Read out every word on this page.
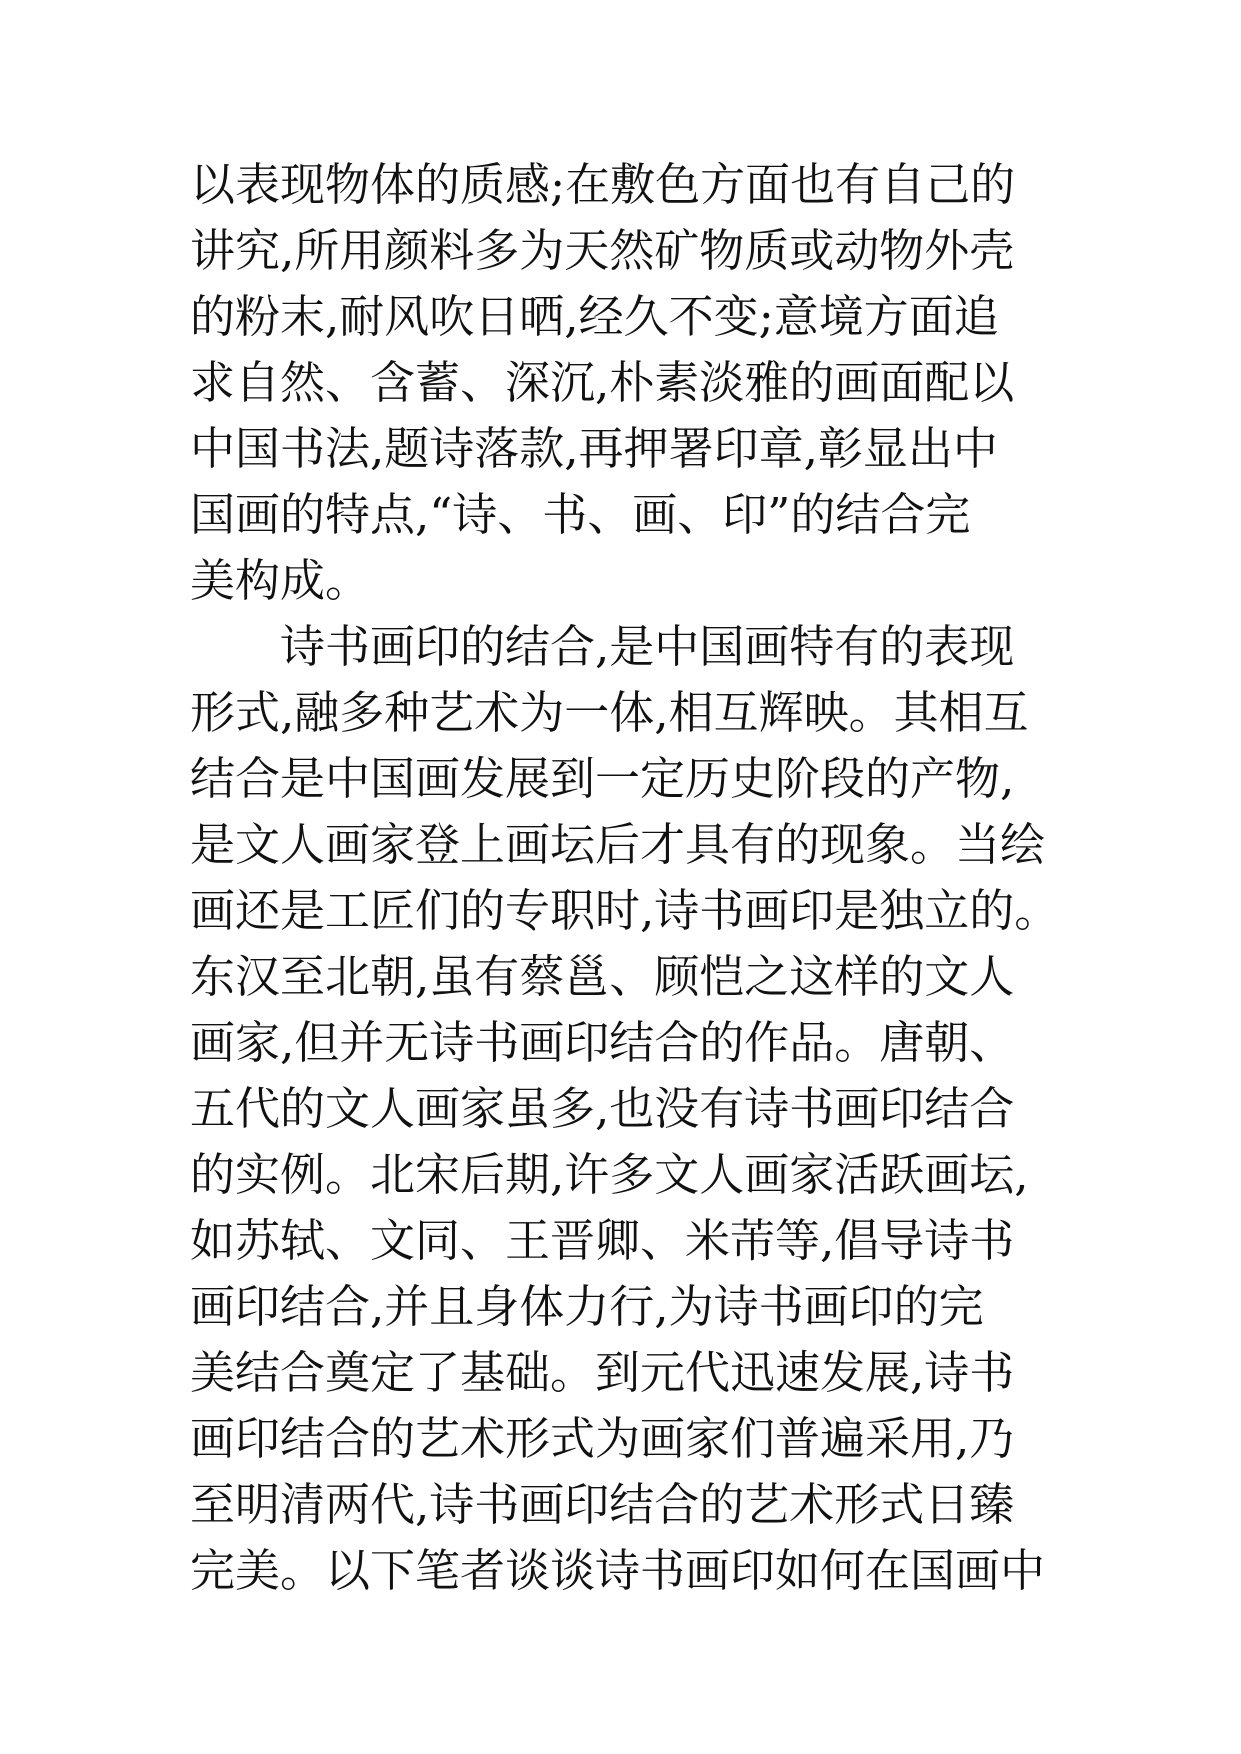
以表现物体的质感;在敷色方面也有自己的
讲究,所用颜料多为天然矿物质或动物外壳
的粉末,耐风吹日晒,经久不变;意境方面追
求自然、含蓄、深沉,朴素淡雅的画面配以
中国书法,题诗落款,再押署印章,彰显出中
国画的特点,“诗、书、画、印”的结合完
美构成。
诗书画印的结合,是中国画特有的表现
形式,融多种艺术为一体,相互辉映。其相互
结合是中国画发展到一定历史阶段的产物,
是文人画家登上画坛后才具有的现象。当绘
画还是工匠们的专职时,诗书画印是独立的。
东汉至北朝,虽有蔡邕、顾恺之这样的文人
画家,但并无诗书画印结合的作品。唐朝、
五代的文人画家虽多,也没有诗书画印结合
的实例。北宋后期,许多文人画家活跃画坛,
如苏轼、文同、王晋卿、米芾等,倡导诗书
画印结合,并且身体力行,为诗书画印的完
美结合奠定了基础。到元代迅速发展,诗书
画印结合的艺术形式为画家们普遍采用,乃
至明清两代,诗书画印结合的艺术形式日臻
完美。以下笔者谈谈诗书画印如何在国画中
